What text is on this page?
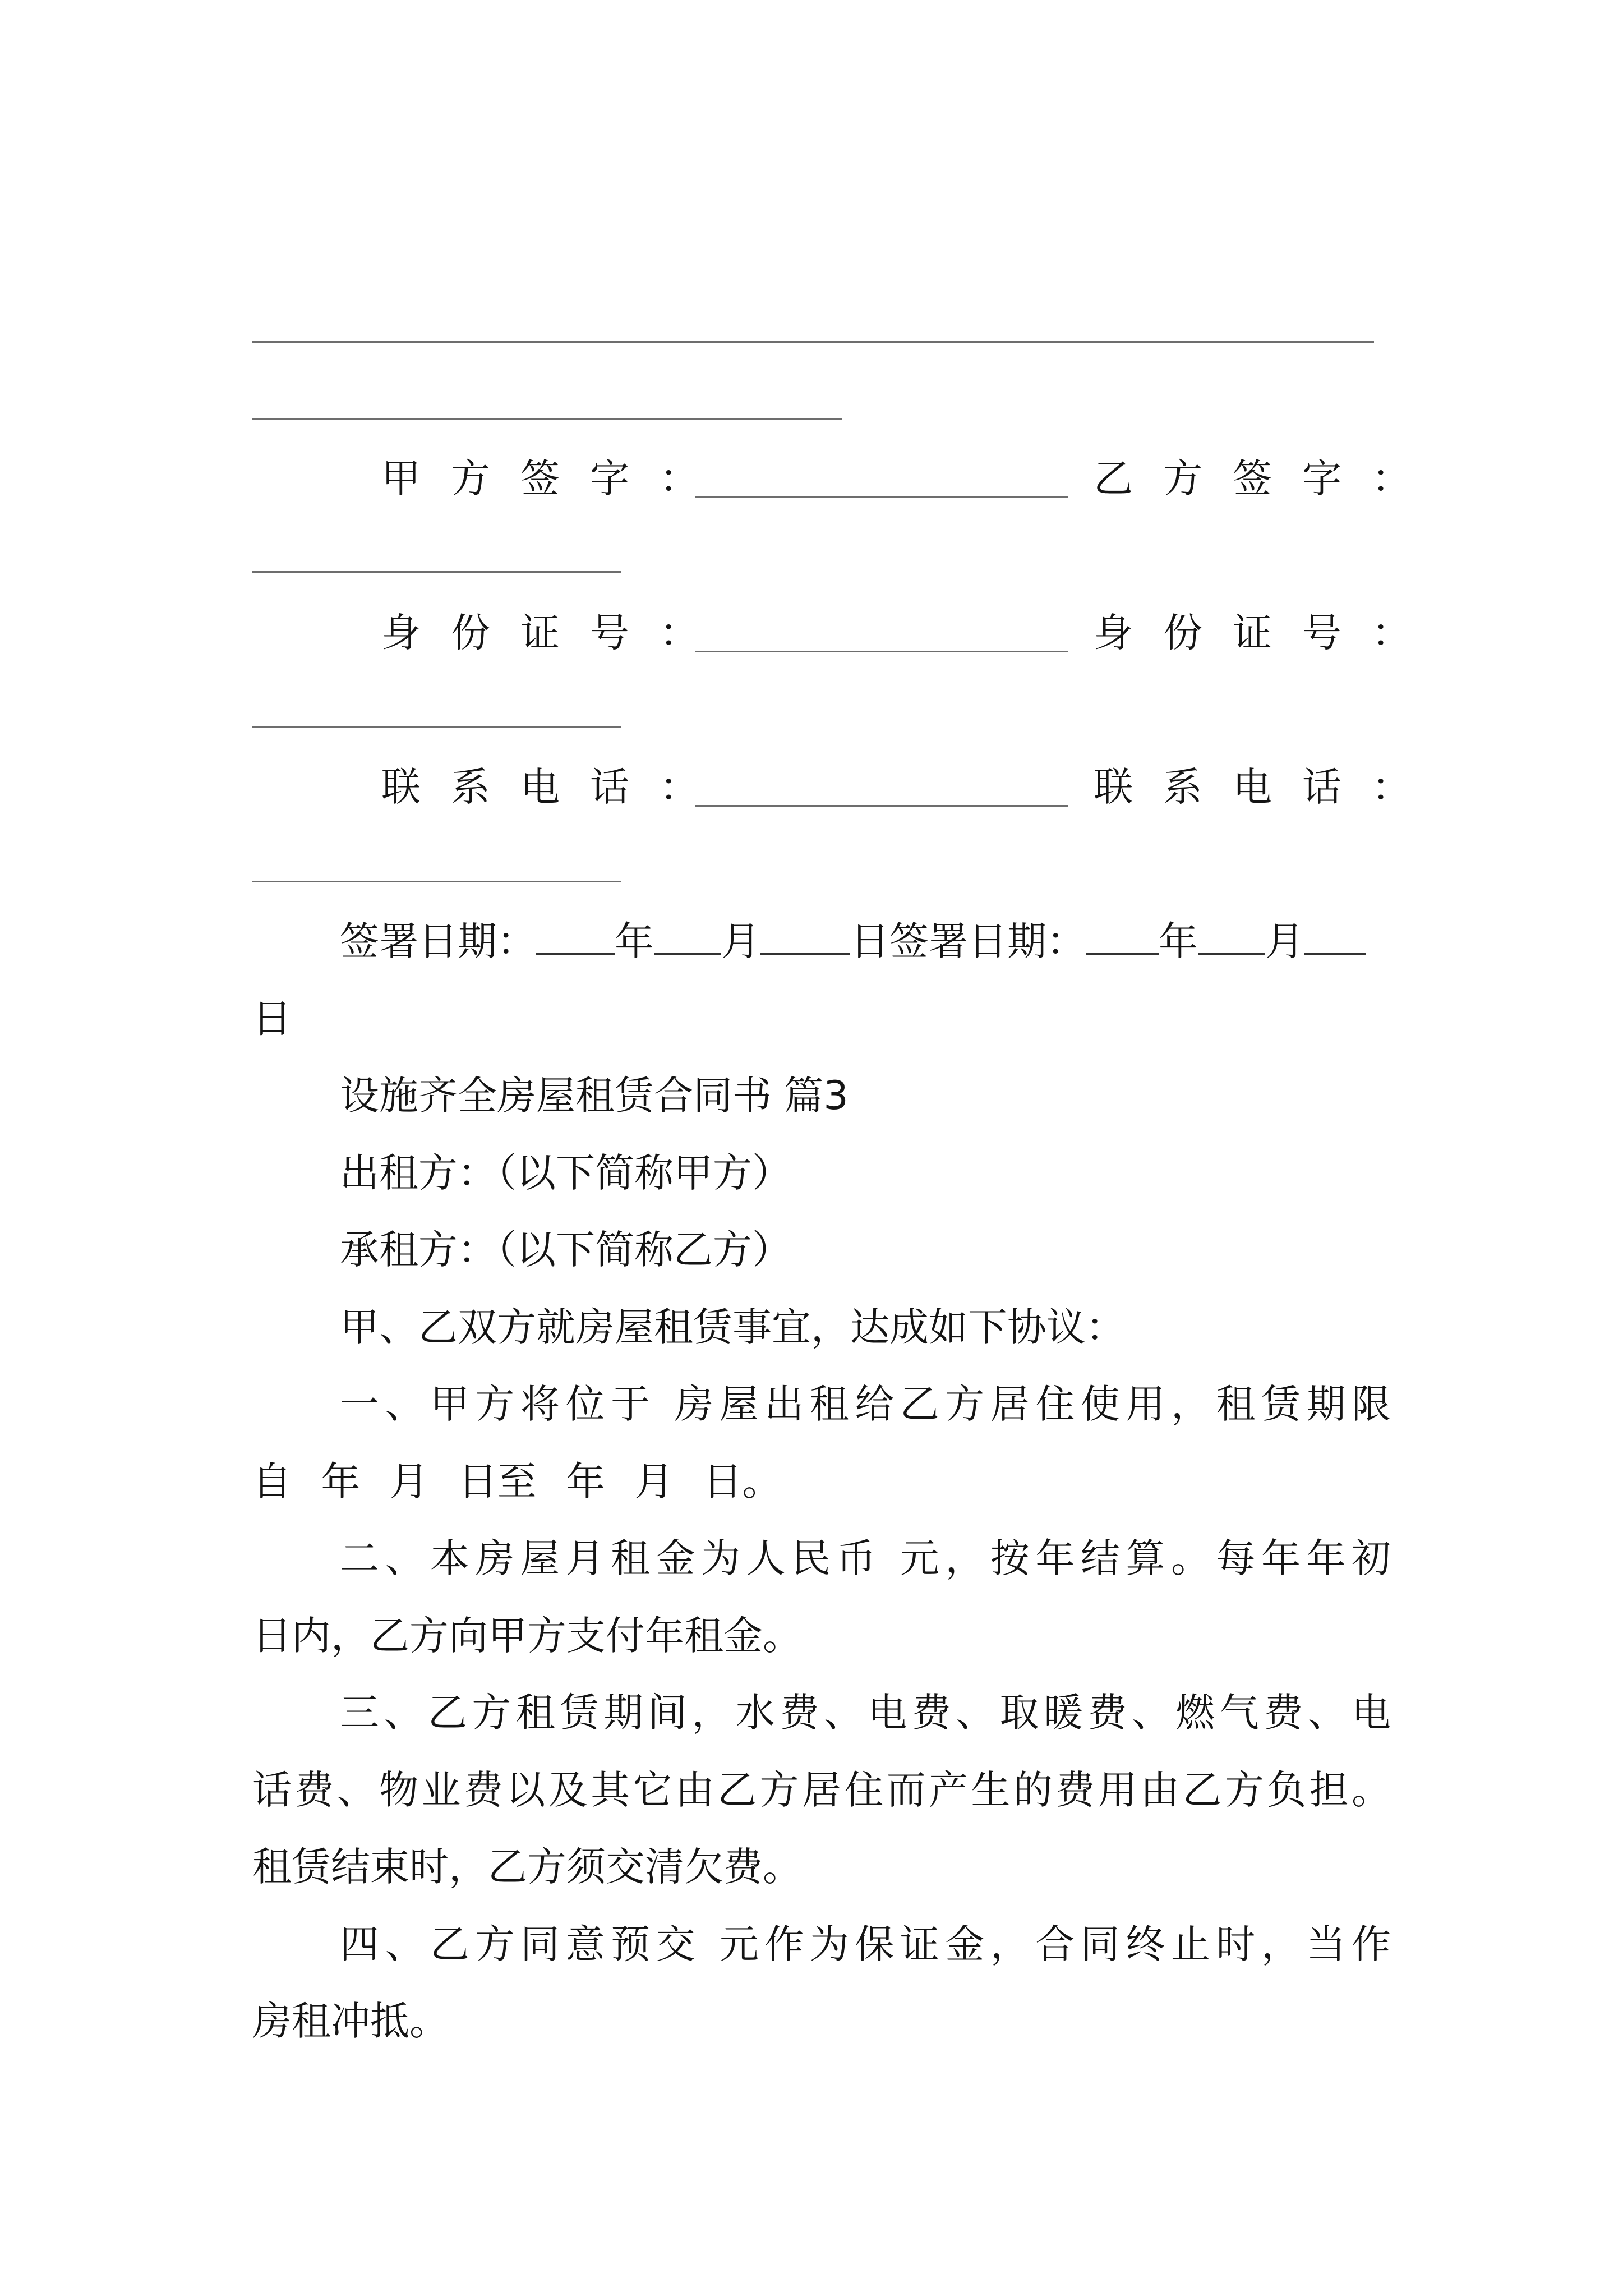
甲方签字：	乙方签字：
身份证号：	身份证号：
联系电话：	联系电话：
签署日期： 年 月 日签署日期： 年 月
日
设施齐全房屋租赁合同书 篇3
出租方：（以下简称甲方）
承租方：（以下简称乙方）
甲、乙双方就房屋租赁事宜，达成如下协议：
一、甲方将位于 房屋出租给乙方居住使用，租赁期限
自 年 月 日至 年 月 日。
二、本房屋月租金为人民币 元，按年结算。每年年初
日内，乙方向甲方支付年租金。
三、乙方租赁期间，水费、电费、取暖费、燃气费、电
话费、物业费以及其它由乙方居住而产生的费用由乙方负担。
租赁结束时，乙方须交清欠费。
四、乙方同意预交 元作为保证金，合同终止时，当作
房租冲抵。
